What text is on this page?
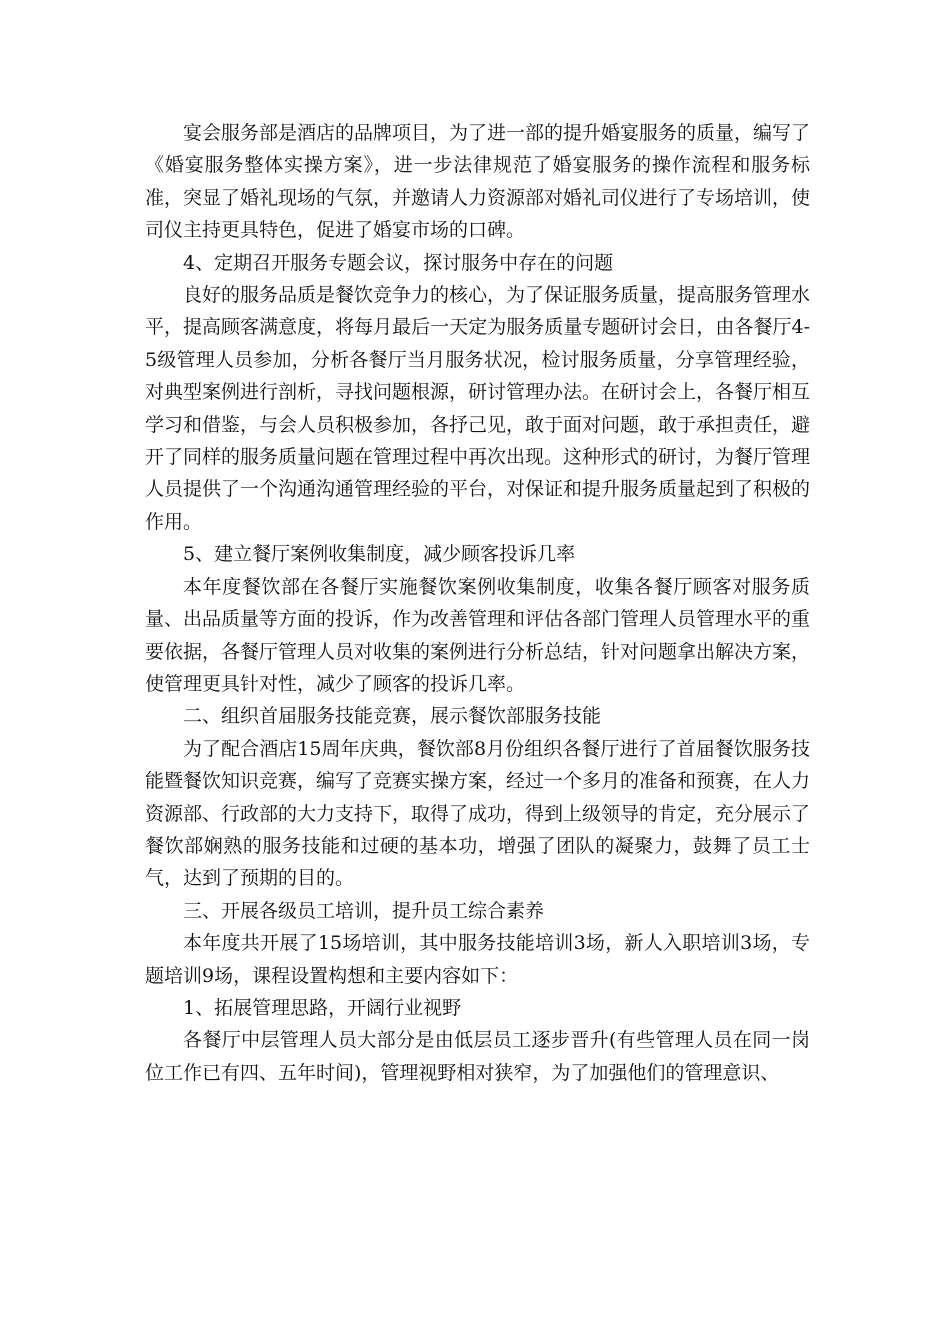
宴会服务部是酒店的品牌项目，为了进一部的提升婚宴服务的质量，编写了《婚宴服务整体实操方案》，进一步法律规范了婚宴服务的操作流程和服务标准，突显了婚礼现场的气氛，并邀请人力资源部对婚礼司仪进行了专场培训，使司仪主持更具特色，促进了婚宴市场的口碑。

4、定期召开服务专题会议，探讨服务中存在的问题

良好的服务品质是餐饮竞争力的核心，为了保证服务质量，提高服务管理水平，提高顾客满意度，将每月最后一天定为服务质量专题研讨会日，由各餐厅4-5级管理人员参加，分析各餐厅当月服务状况，检讨服务质量，分享管理经验，对典型案例进行剖析，寻找问题根源，研讨管理办法。在研讨会上，各餐厅相互学习和借鉴，与会人员积极参加，各抒己见，敢于面对问题，敢于承担责任，避开了同样的服务质量问题在管理过程中再次出现。这种形式的研讨，为餐厅管理人员提供了一个沟通沟通管理经验的平台，对保证和提升服务质量起到了积极的作用。

5、建立餐厅案例收集制度，减少顾客投诉几率

本年度餐饮部在各餐厅实施餐饮案例收集制度，收集各餐厅顾客对服务质量、出品质量等方面的投诉，作为改善管理和评估各部门管理人员管理水平的重要依据，各餐厅管理人员对收集的案例进行分析总结，针对问题拿出解决方案，使管理更具针对性，减少了顾客的投诉几率。

二、组织首届服务技能竞赛，展示餐饮部服务技能

为了配合酒店15周年庆典，餐饮部8月份组织各餐厅进行了首届餐饮服务技能暨餐饮知识竞赛，编写了竞赛实操方案，经过一个多月的准备和预赛，在人力资源部、行政部的大力支持下，取得了成功，得到上级领导的肯定，充分展示了餐饮部娴熟的服务技能和过硬的基本功，增强了团队的凝聚力，鼓舞了员工士气，达到了预期的目的。

三、开展各级员工培训，提升员工综合素养

本年度共开展了15场培训，其中服务技能培训3场，新人入职培训3场，专题培训9场，课程设置构想和主要内容如下：

1、拓展管理思路，开阔行业视野

各餐厅中层管理人员大部分是由低层员工逐步晋升(有些管理人员在同一岗位工作已有四、五年时间)，管理视野相对狭窄，为了加强他们的管理意识、
